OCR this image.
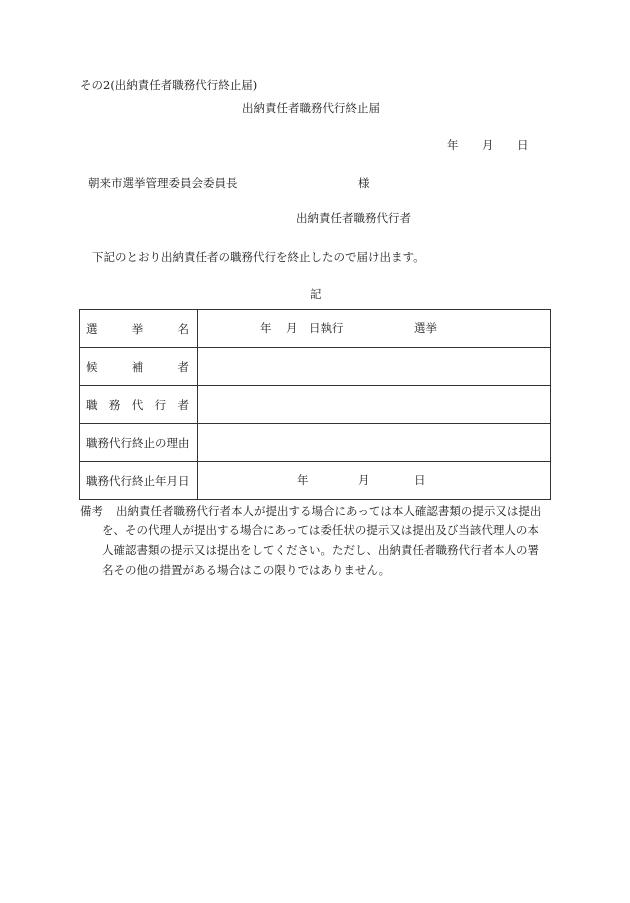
その2(出納責任者職務代行終止届)
出納責任者職務代行終止届
年 月 日
朝来市選挙管理委員会委員長	様
出納責任者職務代行者
下記のとおり出納責任者の職務代行を終止したので届け出ます。
記
選 挙 名	年 月 日執行 選挙

候 補 者	

職 務 代 行 者	

職務代行終止の理由	

職務代行終止年月日	年 月 日
備考 出納責任者職務代行者本人が提出する場合にあっては本人確認書類の提示又は提出
を、その代理人が提出する場合にあっては委任状の提示又は提出及び当該代理人の本
人確認書類の提示又は提出をしてください。ただし、出納責任者職務代行者本人の署
名その他の措置がある場合はこの限りではありません。
